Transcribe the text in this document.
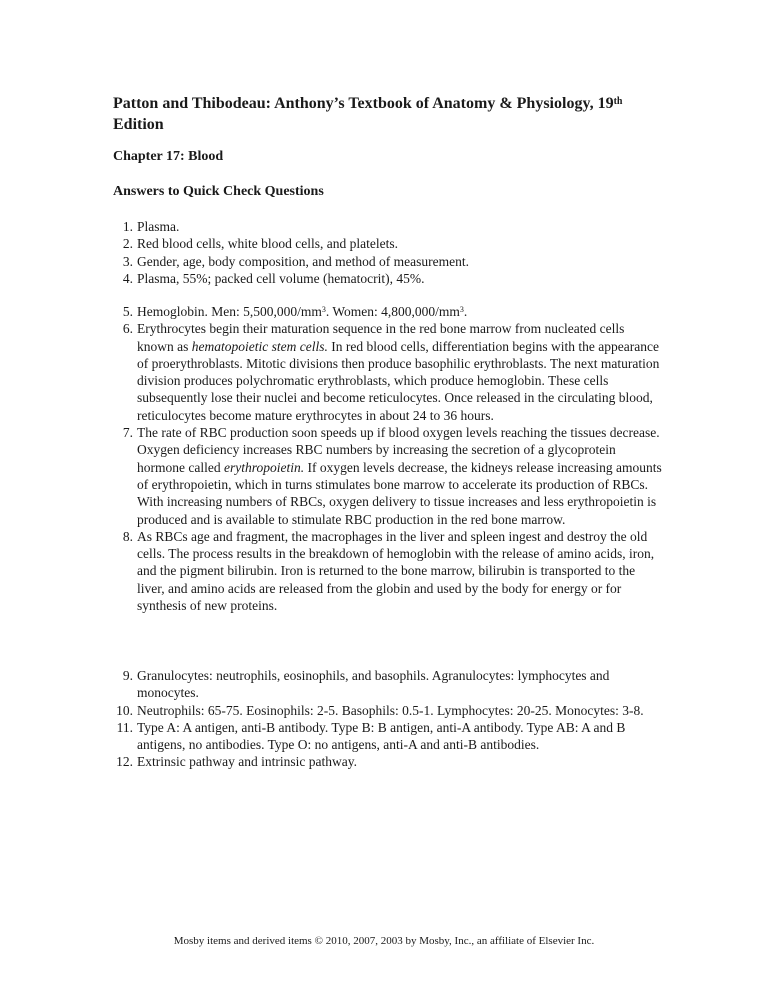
Patton and Thibodeau: Anthony’s Textbook of Anatomy & Physiology, 19th Edition
Chapter 17: Blood
Answers to Quick Check Questions
1. Plasma.
2. Red blood cells, white blood cells, and platelets.
3. Gender, age, body composition, and method of measurement.
4. Plasma, 55%; packed cell volume (hematocrit), 45%.
5. Hemoglobin. Men: $5,500,000/mm^3$. Women: $4,800,000/mm^3$.
6. Erythrocytes begin their maturation sequence in the red bone marrow from nucleated cells known as hematopoietic stem cells. In red blood cells, differentiation begins with the appearance of proerythroblasts. Mitotic divisions then produce basophilic erythroblasts. The next maturation division produces polychromatic erythroblasts, which produce hemoglobin. These cells subsequently lose their nuclei and become reticulocytes. Once released in the circulating blood, reticulocytes become mature erythrocytes in about 24 to 36 hours.
7. The rate of RBC production soon speeds up if blood oxygen levels reaching the tissues decrease. Oxygen deficiency increases RBC numbers by increasing the secretion of a glycoprotein hormone called erythropoietin. If oxygen levels decrease, the kidneys release increasing amounts of erythropoietin, which in turns stimulates bone marrow to accelerate its production of RBCs. With increasing numbers of RBCs, oxygen delivery to tissue increases and less erythropoietin is produced and is available to stimulate RBC production in the red bone marrow.
8. As RBCs age and fragment, the macrophages in the liver and spleen ingest and destroy the old cells. The process results in the breakdown of hemoglobin with the release of amino acids, iron, and the pigment bilirubin. Iron is returned to the bone marrow, bilirubin is transported to the liver, and amino acids are released from the globin and used by the body for energy or for synthesis of new proteins.
9. Granulocytes: neutrophils, eosinophils, and basophils. Agranulocytes: lymphocytes and monocytes.
10. Neutrophils: 65-75. Eosinophils: 2-5. Basophils: 0.5-1. Lymphocytes: 20-25. Monocytes: 3-8.
11. Type A: A antigen, anti-B antibody. Type B: B antigen, anti-A antibody. Type AB: A and B antigens, no antibodies. Type O: no antigens, anti-A and anti-B antibodies.
12. Extrinsic pathway and intrinsic pathway.

Mosby items and derived items © 2010, 2007, 2003 by Mosby, Inc., an affiliate of Elsevier Inc.
